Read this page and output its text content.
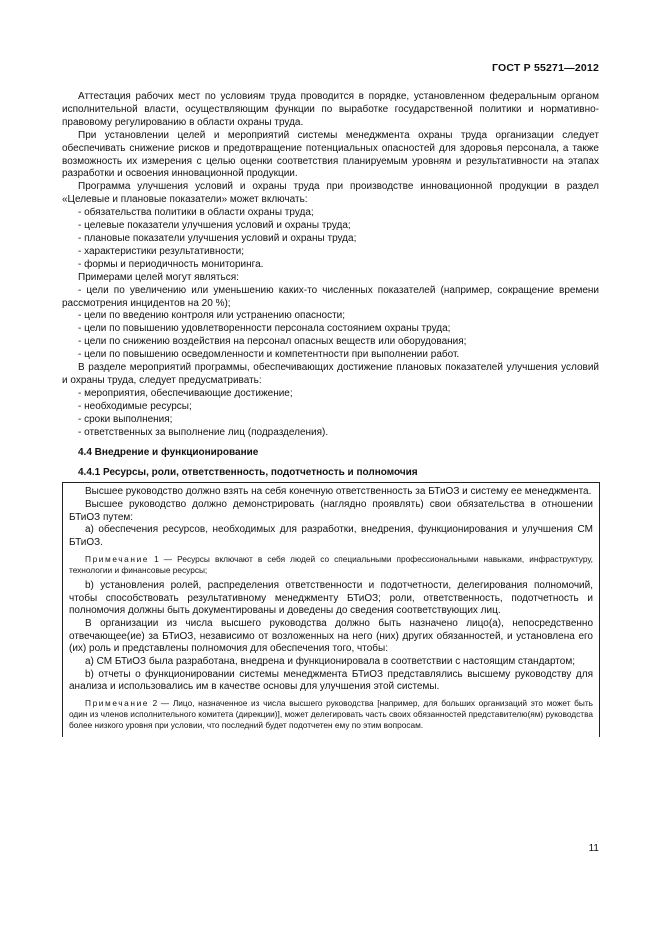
ГОСТ Р 55271—2012

Аттестация рабочих мест по условиям труда проводится в порядке, установленном федеральным органом исполнительной власти, осуществляющим функции по выработке государственной политики и нормативно-правовому регулированию в области охраны труда.

При установлении целей и мероприятий системы менеджмента охраны труда организации следует обеспечивать снижение рисков и предотвращение потенциальных опасностей для здоровья персонала, а также возможность их измерения с целью оценки соответствия планируемым уровням и результативности на этапах разработки и освоения инновационной продукции.

Программа улучшения условий и охраны труда при производстве инновационной продукции в раздел «Целевые и плановые показатели» может включать:

- обязательства политики в области охраны труда;
- целевые показатели улучшения условий и охраны труда;
- плановые показатели улучшения условий и охраны труда;
- характеристики результативности;
- формы и периодичность мониторинга.

Примерами целей могут являться:

- цели по увеличению или уменьшению каких-то численных показателей (например, сокращение времени рассмотрения инцидентов на 20 %);

- цели по введению контроля или устранению опасности;
- цели по повышению удовлетворенности персонала состоянием охраны труда;
- цели по снижению воздействия на персонал опасных веществ или оборудования;
- цели по повышению осведомленности и компетентности при выполнении работ.

В разделе мероприятий программы, обеспечивающих достижение плановых показателей улучшения условий и охраны труда, следует предусматривать:

- мероприятия, обеспечивающие достижение;
- необходимые ресурсы;
- сроки выполнения;
- ответственных за выполнение лиц (подразделения).
4.4 Внедрение и функционирование
4.4.1 Ресурсы, роли, ответственность, подотчетность и полномочия

Высшее руководство должно взять на себя конечную ответственность за БТиОЗ и систему ее менеджмента.

Высшее руководство должно демонстрировать (наглядно проявлять) свои обязательства в отношении БТиОЗ путем:

а) обеспечения ресурсов, необходимых для разработки, внедрения, функционирования и улучшения СМ БТиОЗ.

Примечание 1 — Ресурсы включают в себя людей со специальными профессиональными навыками, инфраструктуру, технологии и финансовые ресурсы;

b) установления ролей, распределения ответственности и подотчетности, делегирования полномочий, чтобы способствовать результативному менеджменту БТиОЗ; роли, ответственность, подотчетность и полномочия должны быть документированы и доведены до сведения соответствующих лиц.

В организации из числа высшего руководства должно быть назначено лицо(а), непосредственно отвечающее(ие) за БТиОЗ, независимо от возложенных на него (них) других обязанностей, и установлена его (их) роль и представлены полномочия для обеспечения того, чтобы:

а) СМ БТиОЗ была разработана, внедрена и функционировала в соответствии с настоящим стандартом;

b) отчеты о функционировании системы менеджмента БТиОЗ представлялись высшему руководству для анализа и использовались им в качестве основы для улучшения этой системы.

Примечание 2 — Лицо, назначенное из числа высшего руководства [например, для больших организаций это может быть один из членов исполнительного комитета (дирекции)], может делегировать часть своих обязанностей представителю(ям) руководства более низкого уровня при условии, что последний будет подотчетен ему по этим вопросам.

11
